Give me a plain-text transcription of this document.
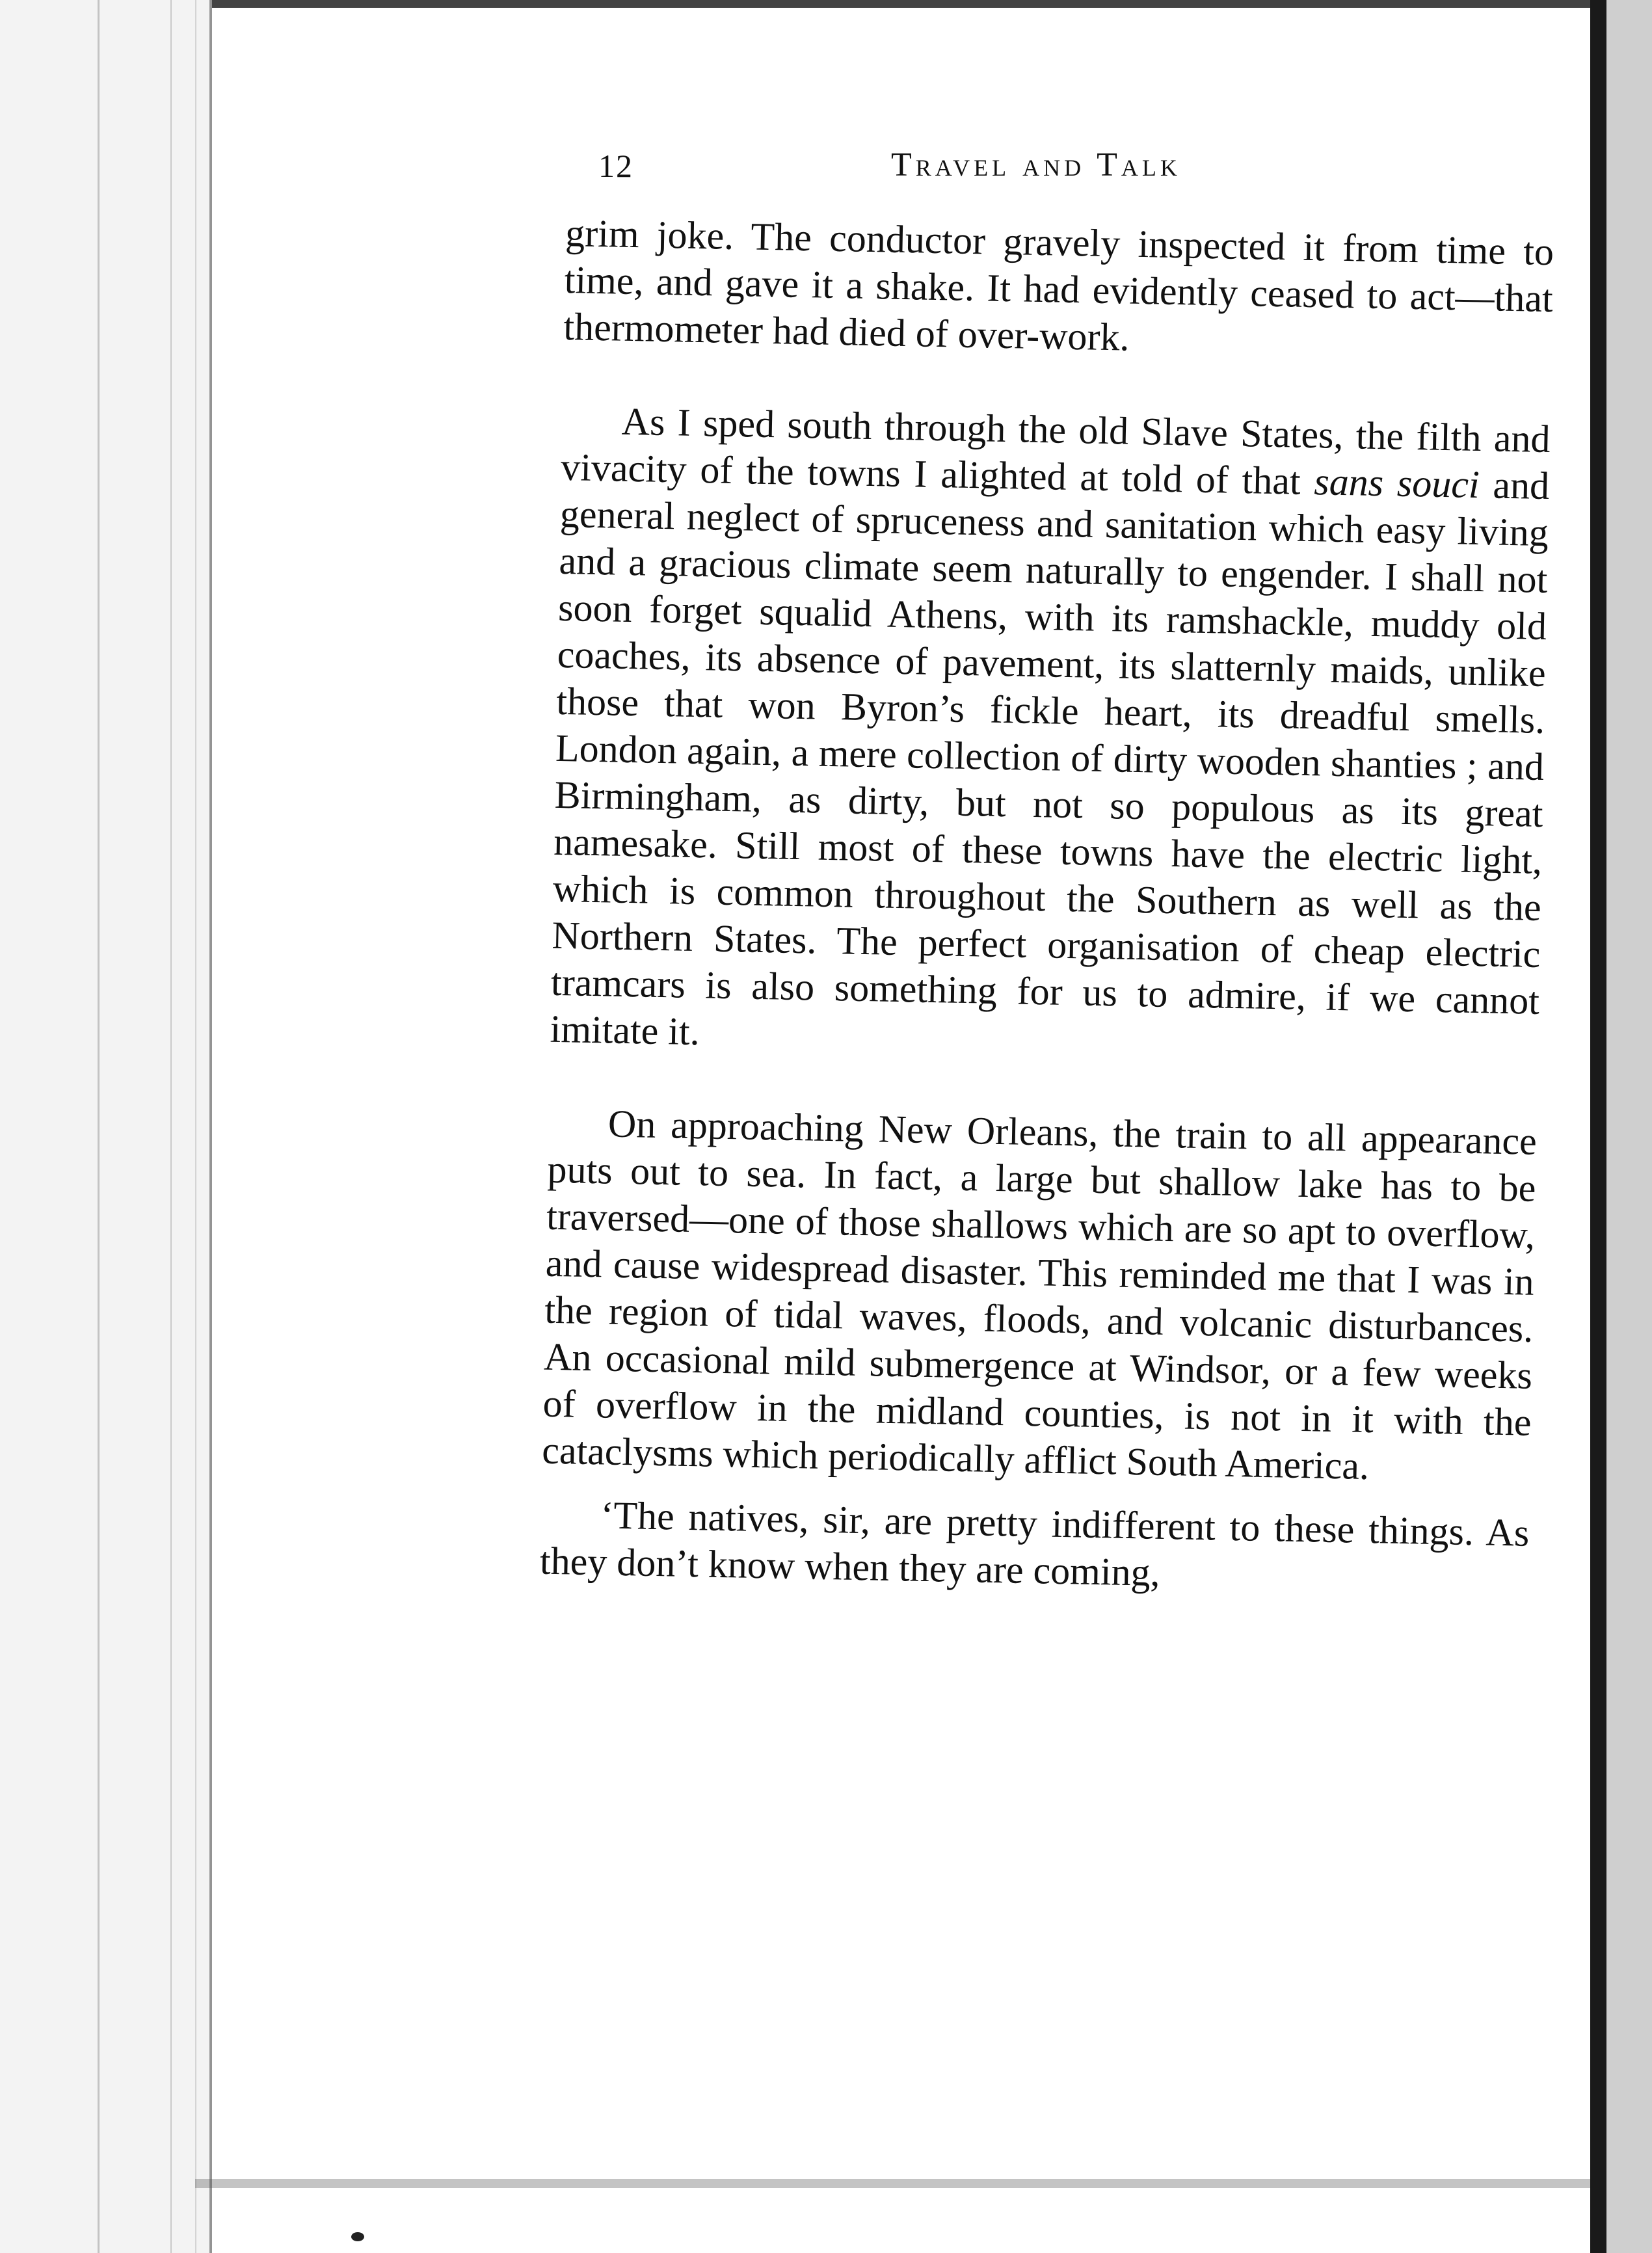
12	Travel and Talk

grim joke. The conductor gravely inspected it from time to time, and gave it a shake. It had evidently ceased to act—that thermometer had died of over-work.

As I sped south through the old Slave States, the filth and vivacity of the towns I alighted at told of that sans souci and general neglect of spruceness and sanitation which easy living and a gracious climate seem naturally to engender. I shall not soon forget squalid Athens, with its ramshackle, muddy old coaches, its absence of pavement, its slatternly maids, unlike those that won Byron’s fickle heart, its dreadful smells. London again, a mere collection of dirty wooden shanties ; and Birmingham, as dirty, but not so populous as its great namesake. Still most of these towns have the electric light, which is common throughout the Southern as well as the Northern States. The perfect organisation of cheap electric tramcars is also something for us to admire, if we cannot imitate it.

On approaching New Orleans, the train to all appearance puts out to sea. In fact, a large but shallow lake has to be traversed—one of those shallows which are so apt to overflow, and cause widespread disaster. This reminded me that I was in the region of tidal waves, floods, and volcanic disturbances. An occasional mild submergence at Windsor, or a few weeks of overflow in the midland counties, is not in it with the cataclysms which periodically afflict South America.

‘The natives, sir, are pretty indifferent to these things. As they don’t know when they are coming,
